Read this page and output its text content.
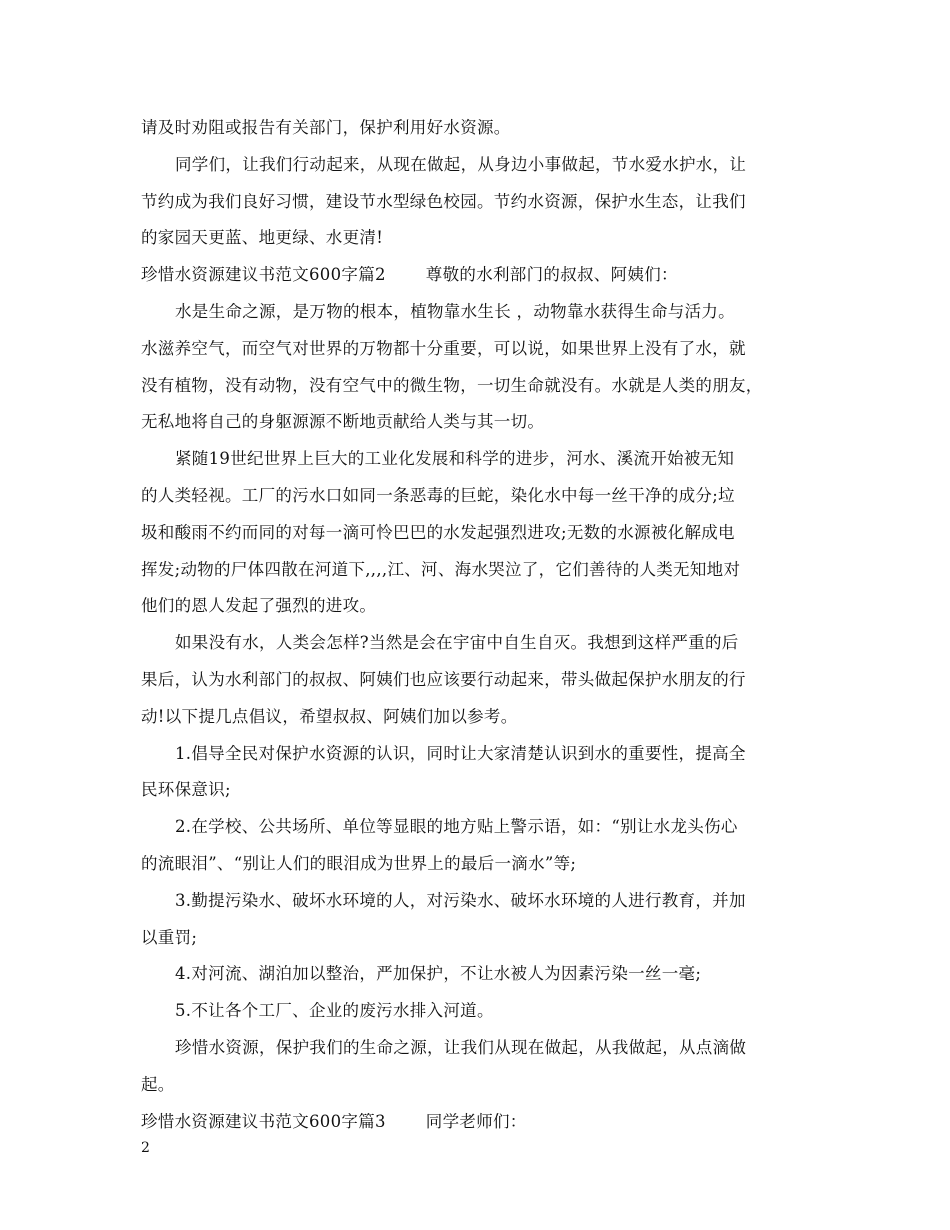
请及时劝阻或报告有关部门，保护利用好水资源。
同学们，让我们行动起来，从现在做起，从身边小事做起，节水爱水护水，让
节约成为我们良好习惯，建设节水型绿色校园。节约水资源，保护水生态，让我们
的家园天更蓝、地更绿、水更清!
珍惜水资源建议书范文600字篇2 尊敬的水利部门的叔叔、阿姨们：
水是生命之源，是万物的根本，植物靠水生长 ，动物靠水获得生命与活力。
水滋养空气，而空气对世界的万物都十分重要，可以说，如果世界上没有了水，就
没有植物，没有动物，没有空气中的微生物，一切生命就没有。水就是人类的朋友，
无私地将自己的身躯源源不断地贡献给人类与其一切。
紧随19世纪世界上巨大的工业化发展和科学的进步，河水、溪流开始被无知
的人类轻视。工厂的污水口如同一条恶毒的巨蛇，染化水中每一丝干净的成分;垃
圾和酸雨不约而同的对每一滴可怜巴巴的水发起强烈进攻;无数的水源被化解成电
挥发;动物的尸体四散在河道下,,,,江、河、海水哭泣了，它们善待的人类无知地对
他们的恩人发起了强烈的进攻。
如果没有水，人类会怎样?当然是会在宇宙中自生自灭。我想到这样严重的后
果后，认为水利部门的叔叔、阿姨们也应该要行动起来，带头做起保护水朋友的行
动!以下提几点倡议，希望叔叔、阿姨们加以参考。
1.倡导全民对保护水资源的认识，同时让大家清楚认识到水的重要性，提高全
民环保意识;
2.在学校、公共场所、单位等显眼的地方贴上警示语，如：“别让水龙头伤心
的流眼泪”、“别让人们的眼泪成为世界上的最后一滴水”等;
3.勤提污染水、破坏水环境的人，对污染水、破坏水环境的人进行教育，并加
以重罚;
4.对河流、湖泊加以整治，严加保护，不让水被人为因素污染一丝一毫;
5.不让各个工厂、企业的废污水排入河道。
珍惜水资源，保护我们的生命之源，让我们从现在做起，从我做起，从点滴做
起。
珍惜水资源建议书范文600字篇3 同学老师们：
2
